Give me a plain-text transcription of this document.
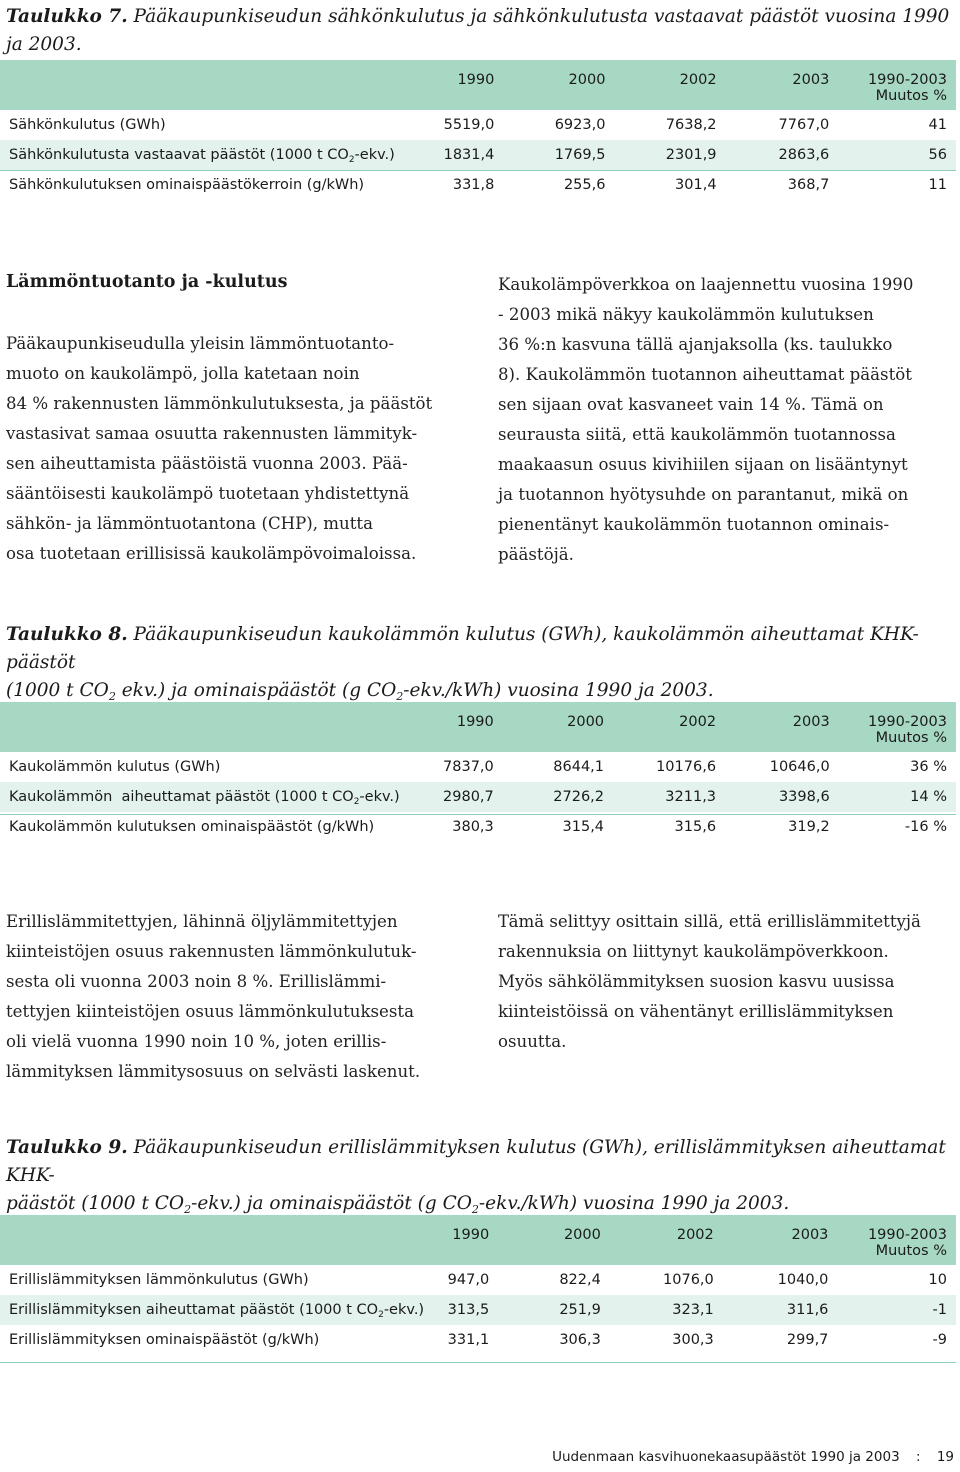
Taulukko 7. Pääkaupunkiseudun sähkönkulutus ja sähkönkulutusta vastaavat päästöt vuosina 1990 ja 2003.
	1990	2000	2002	2003	1990-2003
					Muutos %
Sähkönkulutus (GWh)	5519,0	6923,0	7638,2	7767,0	41
Sähkönkulutusta vastaavat päästöt (1000 t $CO_2-ekv$.)	1831,4	1769,5	2301,9	2863,6	56
Sähkönkulutuksen ominaispäästökerroin (g/kWh)	331,8	255,6	301,4	368,7	11
Lämmöntuotanto ja -kulutus
Pääkaupunkiseudulla yleisin lämmöntuotanto-
muoto on kaukolämpö, jolla katetaan noin
84 % rakennusten lämmönkulutuksesta, ja päästöt
vastasivat samaa osuutta rakennusten lämmityk-
sen aiheuttamista päästöistä vuonna 2003. Pää-
sääntöisesti kaukolämpö tuotetaan yhdistettynä
sähkön- ja lämmöntuotantona (CHP), mutta
osa tuotetaan erillisissä kaukolämpövoimaloissa.
Kaukolämpöverkkoa on laajennettu vuosina 1990
- 2003 mikä näkyy kaukolämmön kulutuksen
36 %:n kasvuna tällä ajanjaksolla (ks. taulukko
8). Kaukolämmön tuotannon aiheuttamat päästöt
sen sijaan ovat kasvaneet vain 14 %. Tämä on
seurausta siitä, että kaukolämmön tuotannossa
maakaasun osuus kivihiilen sijaan on lisääntynyt
ja tuotannon hyötysuhde on parantanut, mikä on
pienentänyt kaukolämmön tuotannon ominais-
päästöjä.
Taulukko 8. Pääkaupunkiseudun kaukolämmön kulutus (GWh), kaukolämmön aiheuttamat KHK-päästöt
(1000 t $CO_2$ ekv.) ja ominaispäästöt (g $CO_2-ekv./kWh$) vuosina 1990 ja 2003.
	1990	2000	2002	2003	1990-2003
					Muutos %
Kaukolämmön kulutus (GWh)	7837,0	8644,1	10176,6	10646,0	36 %
Kaukolämmön  aiheuttamat päästöt (1000 t $CO_2-ekv$.)	2980,7	2726,2	3211,3	3398,6	14 %
Kaukolämmön kulutuksen ominaispäästöt (g/kWh)	380,3	315,4	315,6	319,2	-16 %
Erillislämmitettyjen, lähinnä öljylämmitettyjen
kiinteistöjen osuus rakennusten lämmönkulutuk-
sesta oli vuonna 2003 noin 8 %. Erillislämmi-
tettyjen kiinteistöjen osuus lämmönkulutuksesta
oli vielä vuonna 1990 noin 10 %, joten erillis-
lämmityksen lämmitysosuus on selvästi laskenut.
Tämä selittyy osittain sillä, että erillislämmitettyjä
rakennuksia on liittynyt kaukolämpöverkkoon.
Myös sähkölämmityksen suosion kasvu uusissa
kiinteistöissä on vähentänyt erillislämmityksen
osuutta.
Taulukko 9. Pääkaupunkiseudun erillislämmityksen kulutus (GWh), erillislämmityksen aiheuttamat KHK-
päästöt (1000 t $CO_2-ekv$.) ja ominaispäästöt (g $CO_2-ekv./kWh$) vuosina 1990 ja 2003.
	1990	2000	2002	2003	1990-2003
					Muutos %
Erillislämmityksen lämmönkulutus (GWh)	947,0	822,4	1076,0	1040,0	10
Erillislämmityksen aiheuttamat päästöt (1000 t $CO_2-ekv$.)	313,5	251,9	323,1	311,6	-1
Erillislämmityksen ominaispäästöt (g/kWh)	331,1	306,3	300,3	299,7	-9
Uudenmaan kasvihuonekaasupäästöt 1990 ja 2003 : 19
